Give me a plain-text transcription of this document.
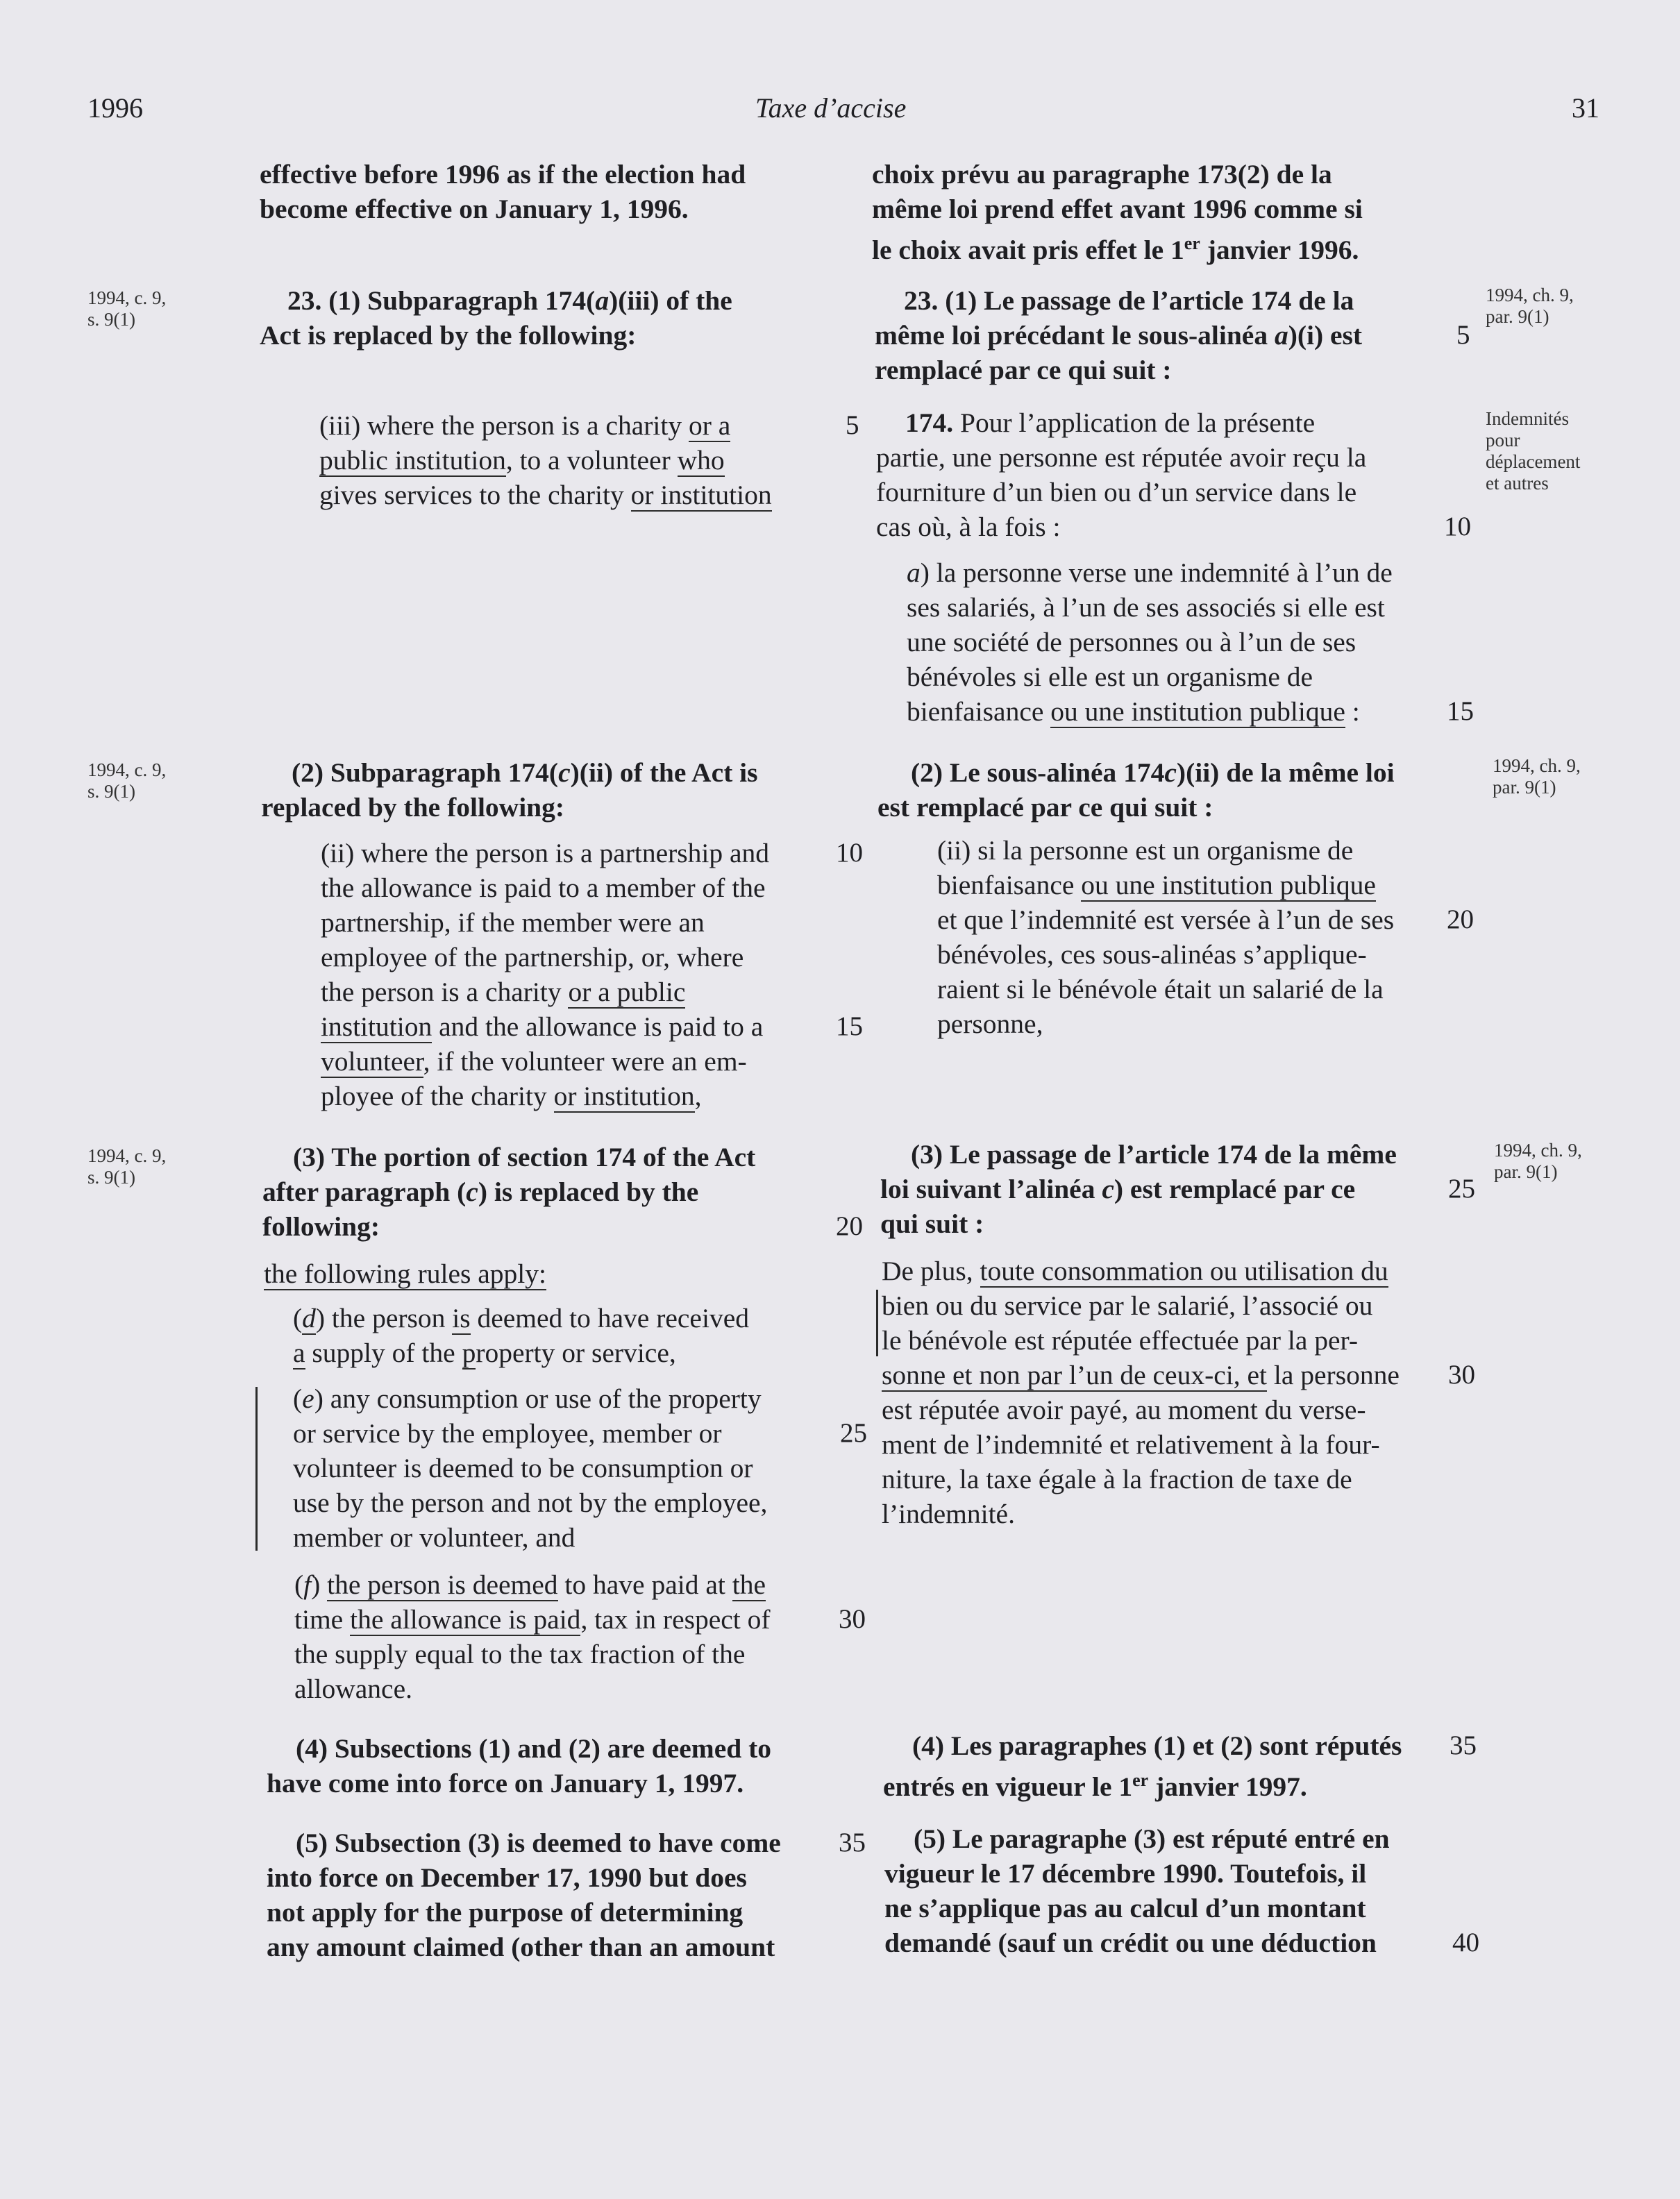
1996	Taxe d’accise	31
1994, c. 9,
s. 9(1)
1994, c. 9,
s. 9(1)
1994, c. 9,
s. 9(1)
1994, ch. 9,
par. 9(1)
Indemnités
pour
déplacement
et autres
1994, ch. 9,
par. 9(1)
1994, ch. 9,
par. 9(1)
effective before 1996 as if the election had
become effective on January 1, 1996.
23. (1) Subparagraph 174(a)(iii) of the
Act is replaced by the following:
(iii) where the person is a charity or a
public institution, to a volunteer who
gives services to the charity or institution
(2) Subparagraph 174(c)(ii) of the Act is
replaced by the following:
(ii) where the person is a partnership and
the allowance is paid to a member of the
partnership, if the member were an
employee of the partnership, or, where
the person is a charity or a public
institution and the allowance is paid to a
volunteer, if the volunteer were an em-
ployee of the charity or institution,
(3) The portion of section 174 of the Act
after paragraph (c) is replaced by the
following:
the following rules apply:
(d) the person is deemed to have received
a supply of the property or service,
(e) any consumption or use of the property
or service by the employee, member or
volunteer is deemed to be consumption or
use by the person and not by the employee,
member or volunteer, and
(f) the person is deemed to have paid at the
time the allowance is paid, tax in respect of
the supply equal to the tax fraction of the
allowance.
(4) Subsections (1) and (2) are deemed to
have come into force on January 1, 1997.
(5) Subsection (3) is deemed to have come
into force on December 17, 1990 but does
not apply for the purpose of determining
any amount claimed (other than an amount
5
10
15
20
25
30
35
choix prévu au paragraphe 173(2) de la
même loi prend effet avant 1996 comme si
le choix avait pris effet le 1er janvier 1996.
23. (1) Le passage de l’article 174 de la
même loi précédant le sous-alinéa a)(i) est
remplacé par ce qui suit :
174. Pour l’application de la présente
partie, une personne est réputée avoir reçu la
fourniture d’un bien ou d’un service dans le
cas où, à la fois :
a) la personne verse une indemnité à l’un de
ses salariés, à l’un de ses associés si elle est
une société de personnes ou à l’un de ses
bénévoles si elle est un organisme de
bienfaisance ou une institution publique :
(2) Le sous-alinéa 174c)(ii) de la même loi
est remplacé par ce qui suit :
(ii) si la personne est un organisme de
bienfaisance ou une institution publique
et que l’indemnité est versée à l’un de ses
bénévoles, ces sous-alinéas s’applique-
raient si le bénévole était un salarié de la
personne,
(3) Le passage de l’article 174 de la même
loi suivant l’alinéa c) est remplacé par ce
qui suit :
De plus, toute consommation ou utilisation du
bien ou du service par le salarié, l’associé ou
le bénévole est réputée effectuée par la per-
sonne et non par l’un de ceux-ci, et la personne
est réputée avoir payé, au moment du verse-
ment de l’indemnité et relativement à la four-
niture, la taxe égale à la fraction de taxe de
l’indemnité.
(4) Les paragraphes (1) et (2) sont réputés
entrés en vigueur le 1er janvier 1997.
(5) Le paragraphe (3) est réputé entré en
vigueur le 17 décembre 1990. Toutefois, il
ne s’applique pas au calcul d’un montant
demandé (sauf un crédit ou une déduction
5
10
15
20
25
30
35
40
